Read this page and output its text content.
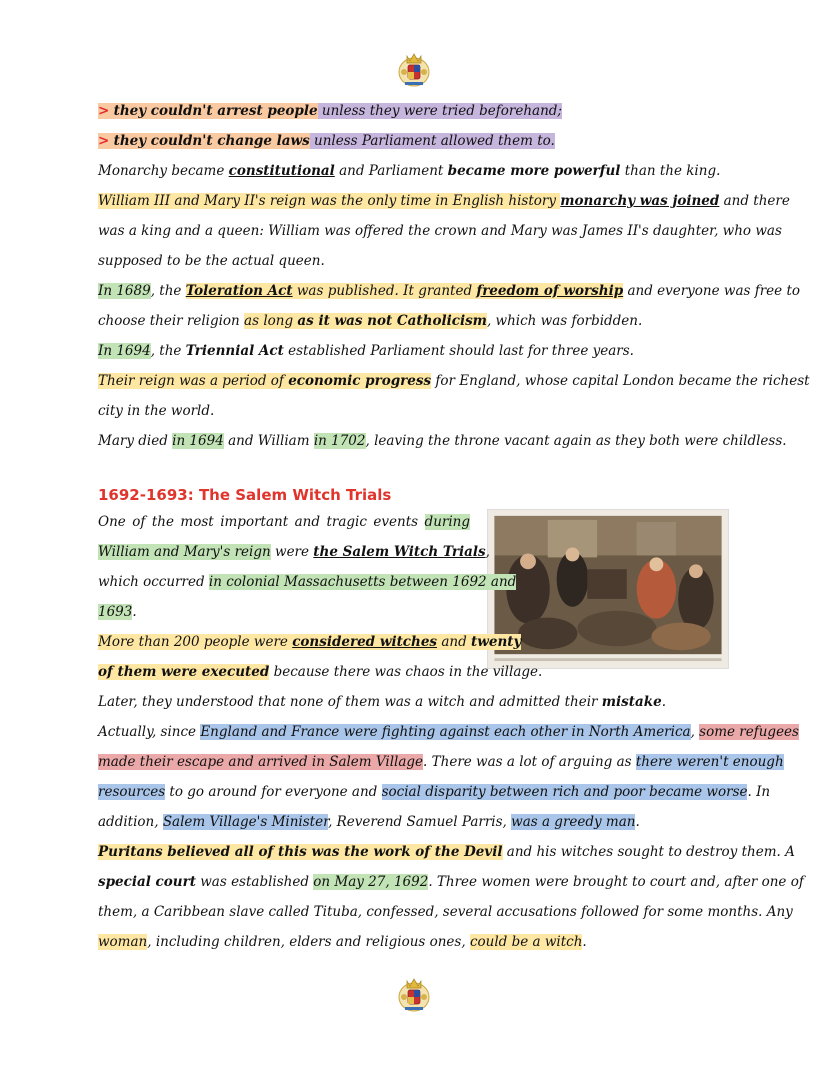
> they couldn't arrest people unless they were tried beforehand;
> they couldn't change laws unless Parliament allowed them to.
Monarchy became constitutional and Parliament became more powerful than the king.
William III and Mary II's reign was the only time in English history monarchy was joined and there
was a king and a queen: William was offered the crown and Mary was James II's daughter, who was
supposed to be the actual queen.
In 1689, the Toleration Act was published. It granted freedom of worship and everyone was free to
choose their religion as long as it was not Catholicism, which was forbidden.
In 1694, the Triennial Act established Parliament should last for three years.
Their reign was a period of economic progress for England, whose capital London became the richest
city in the world.
Mary died in 1694 and William in 1702, leaving the throne vacant again as they both were childless.
1692-1693: The Salem Witch Trials
One of the most important and tragic events during
William and Mary's reign were the Salem Witch Trials,
which occurred in colonial Massachusetts between 1692 and
1693.
More than 200 people were considered witches and twenty
of them were executed because there was chaos in the village.
Later, they understood that none of them was a witch and admitted their mistake.
Actually, since England and France were fighting against each other in North America, some refugees
made their escape and arrived in Salem Village. There was a lot of arguing as there weren't enough
resources to go around for everyone and social disparity between rich and poor became worse. In
addition, Salem Village's Minister, Reverend Samuel Parris, was a greedy man.
Puritans believed all of this was the work of the Devil and his witches sought to destroy them. A
special court was established on May 27, 1692. Three women were brought to court and, after one of
them, a Caribbean slave called Tituba, confessed, several accusations followed for some months. Any
woman, including children, elders and religious ones, could be a witch.
